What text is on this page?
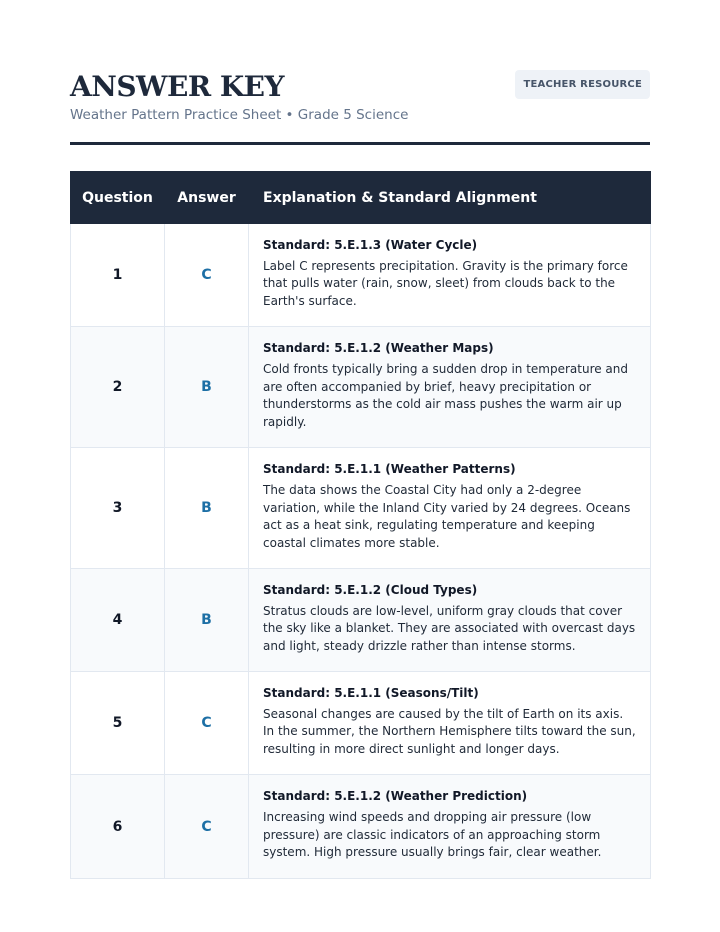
ANSWER KEY
Weather Pattern Practice Sheet • Grade 5 Science
TEACHER RESOURCE
Question	Answer	Explanation & Standard Alignment
1	C	Standard: 5.E.1.3 (Water Cycle)
Label C represents precipitation. Gravity is the primary force that pulls water (rain, snow, sleet) from clouds back to the Earth's surface.

2	B	Standard: 5.E.1.2 (Weather Maps)
Cold fronts typically bring a sudden drop in temperature and are often accompanied by brief, heavy precipitation or thunderstorms as the cold air mass pushes the warm air up rapidly.

3	B	Standard: 5.E.1.1 (Weather Patterns)
The data shows the Coastal City had only a 2-degree variation, while the Inland City varied by 24 degrees. Oceans act as a heat sink, regulating temperature and keeping coastal climates more stable.

4	B	Standard: 5.E.1.2 (Cloud Types)
Stratus clouds are low-level, uniform gray clouds that cover the sky like a blanket. They are associated with overcast days and light, steady drizzle rather than intense storms.

5	C	Standard: 5.E.1.1 (Seasons/Tilt)
Seasonal changes are caused by the tilt of Earth on its axis. In the summer, the Northern Hemisphere tilts toward the sun, resulting in more direct sunlight and longer days.

6	C	Standard: 5.E.1.2 (Weather Prediction)
Increasing wind speeds and dropping air pressure (low pressure) are classic indicators of an approaching storm system. High pressure usually brings fair, clear weather.
